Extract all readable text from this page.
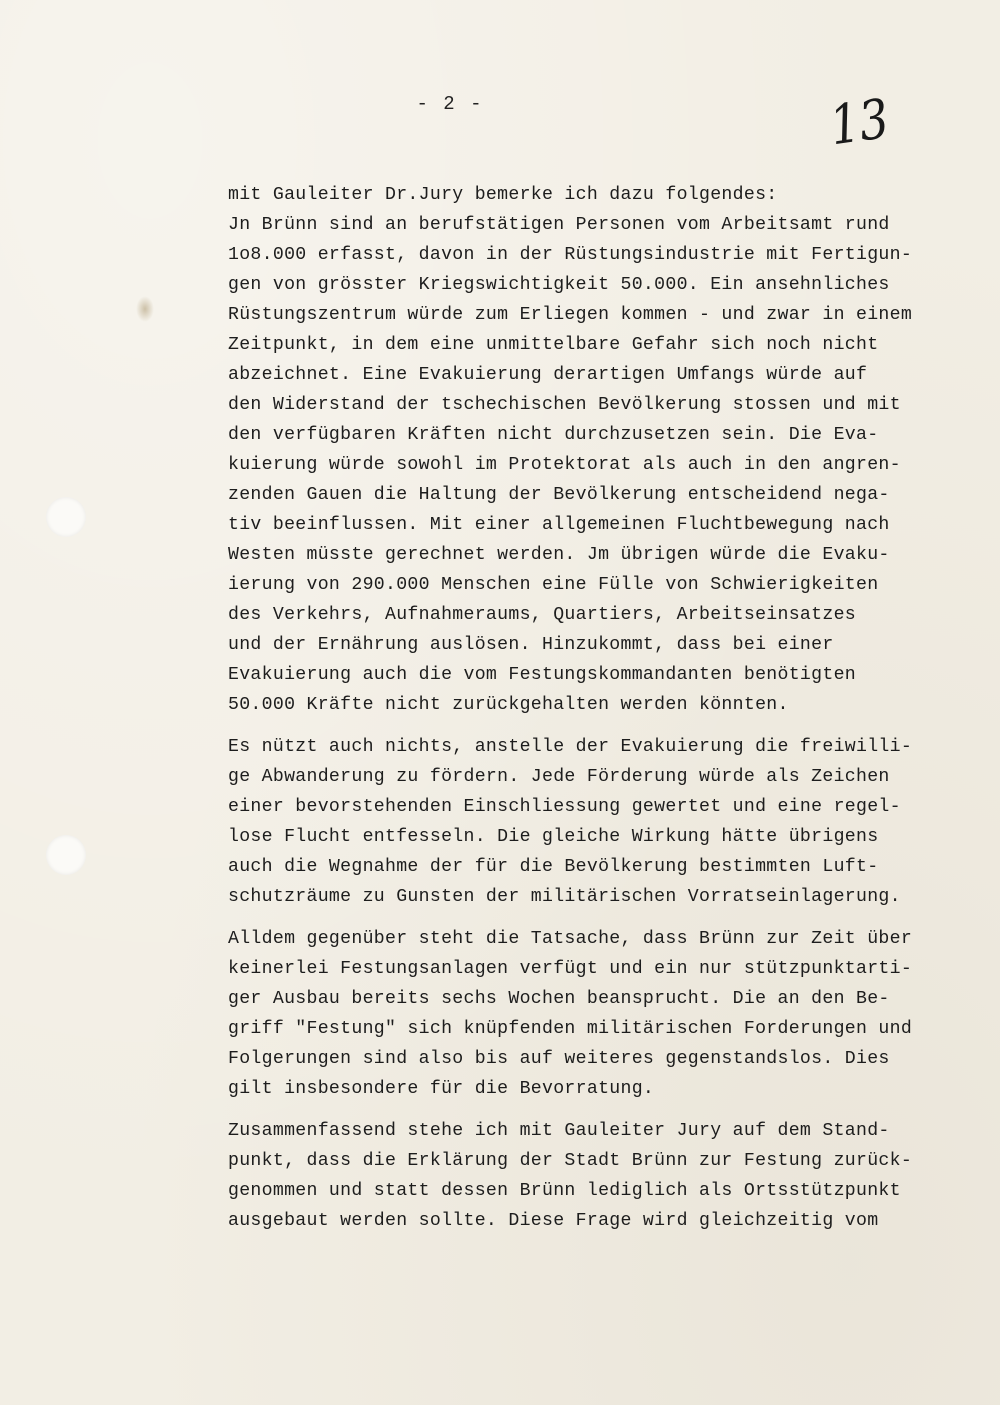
- 2 -	13

mit Gauleiter Dr.Jury bemerke ich dazu folgendes:
Jn Brünn sind an berufstätigen Personen vom Arbeitsamt rund
1o8.000 erfasst, davon in der Rüstungsindustrie mit Fertigun-
gen von grösster Kriegswichtigkeit 50.000. Ein ansehnliches
Rüstungszentrum würde zum Erliegen kommen - und zwar in einem
Zeitpunkt, in dem eine unmittelbare Gefahr sich noch nicht
abzeichnet. Eine Evakuierung derartigen Umfangs würde auf
den Widerstand der tschechischen Bevölkerung stossen und mit
den verfügbaren Kräften nicht durchzusetzen sein. Die Eva-
kuierung würde sowohl im Protektorat als auch in den angren-
zenden Gauen die Haltung der Bevölkerung entscheidend nega-
tiv beeinflussen. Mit einer allgemeinen Fluchtbewegung nach
Westen müsste gerechnet werden. Jm übrigen würde die Evaku-
ierung von 290.000 Menschen eine Fülle von Schwierigkeiten
des Verkehrs, Aufnahmeraums, Quartiers, Arbeitseinsatzes
und der Ernährung auslösen. Hinzukommt, dass bei einer
Evakuierung auch die vom Festungskommandanten benötigten
50.000 Kräfte nicht zurückgehalten werden könnten.

Es nützt auch nichts, anstelle der Evakuierung die freiwilli-
ge Abwanderung zu fördern. Jede Förderung würde als Zeichen
einer bevorstehenden Einschliessung gewertet und eine regel-
lose Flucht entfesseln. Die gleiche Wirkung hätte übrigens
auch die Wegnahme der für die Bevölkerung bestimmten Luft-
schutzräume zu Gunsten der militärischen Vorratseinlagerung.

Alldem gegenüber steht die Tatsache, dass Brünn zur Zeit über
keinerlei Festungsanlagen verfügt und ein nur stützpunktarti-
ger Ausbau bereits sechs Wochen beansprucht. Die an den Be-
griff "Festung" sich knüpfenden militärischen Forderungen und
Folgerungen sind also bis auf weiteres gegenstandslos. Dies
gilt insbesondere für die Bevorratung.

Zusammenfassend stehe ich mit Gauleiter Jury auf dem Stand-
punkt, dass die Erklärung der Stadt Brünn zur Festung zurück-
genommen und statt dessen Brünn lediglich als Ortsstützpunkt
ausgebaut werden sollte. Diese Frage wird gleichzeitig vom
